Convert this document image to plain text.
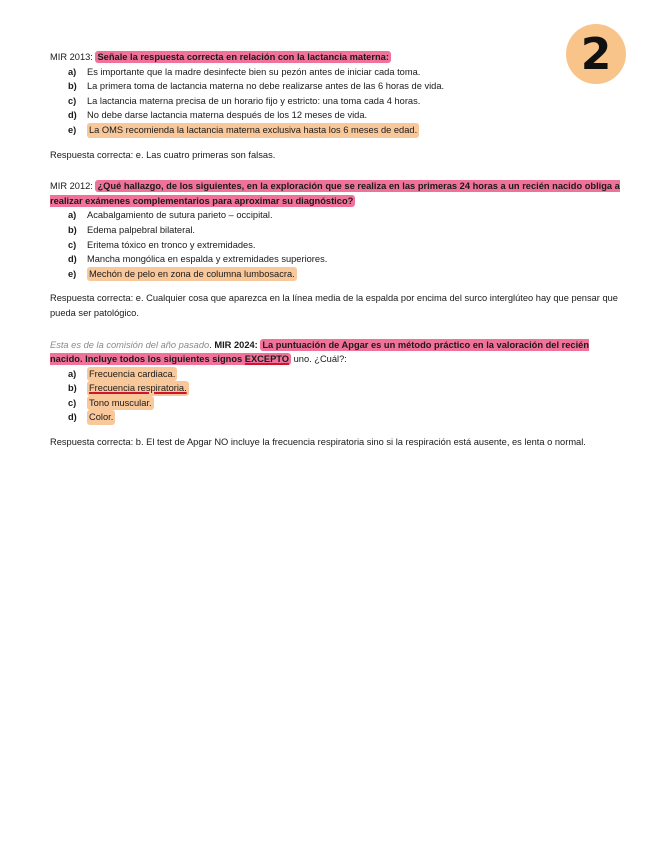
2
MIR 2013: Señale la respuesta correcta en relación con la lactancia materna:
a)	Es importante que la madre desinfecte bien su pezón antes de iniciar cada toma.
b)	La primera toma de lactancia materna no debe realizarse antes de las 6 horas de vida.
c)	La lactancia materna precisa de un horario fijo y estricto: una toma cada 4 horas.
d)	No debe darse lactancia materna después de los 12 meses de vida.
e)	La OMS recomienda la lactancia materna exclusiva hasta los 6 meses de edad.
Respuesta correcta: e. Las cuatro primeras son falsas.
MIR 2012: ¿Qué hallazgo, de los siguientes, en la exploración que se realiza en las primeras 24 horas a un recién nacido obliga a realizar exámenes complementarios para aproximar su diagnóstico?
a)	Acabalgamiento de sutura parieto – occipital.
b)	Edema palpebral bilateral.
c)	Eritema tóxico en tronco y extremidades.
d)	Mancha mongólica en espalda y extremidades superiores.
e)	Mechón de pelo en zona de columna lumbosacra.
Respuesta correcta: e. Cualquier cosa que aparezca en la línea media de la espalda por encima del surco interglúteo hay que pensar que pueda ser patológico.
Esta es de la comisión del año pasado. MIR 2024: La puntuación de Apgar es un método práctico en la valoración del recién nacido. Incluye todos los siguientes signos EXCEPTO uno. ¿Cuál?:
a)	Frecuencia cardiaca.
b)	Frecuencia respiratoria.
c)	Tono muscular.
d)	Color.
Respuesta correcta: b. El test de Apgar NO incluye la frecuencia respiratoria sino si la respiración está ausente, es lenta o normal.
